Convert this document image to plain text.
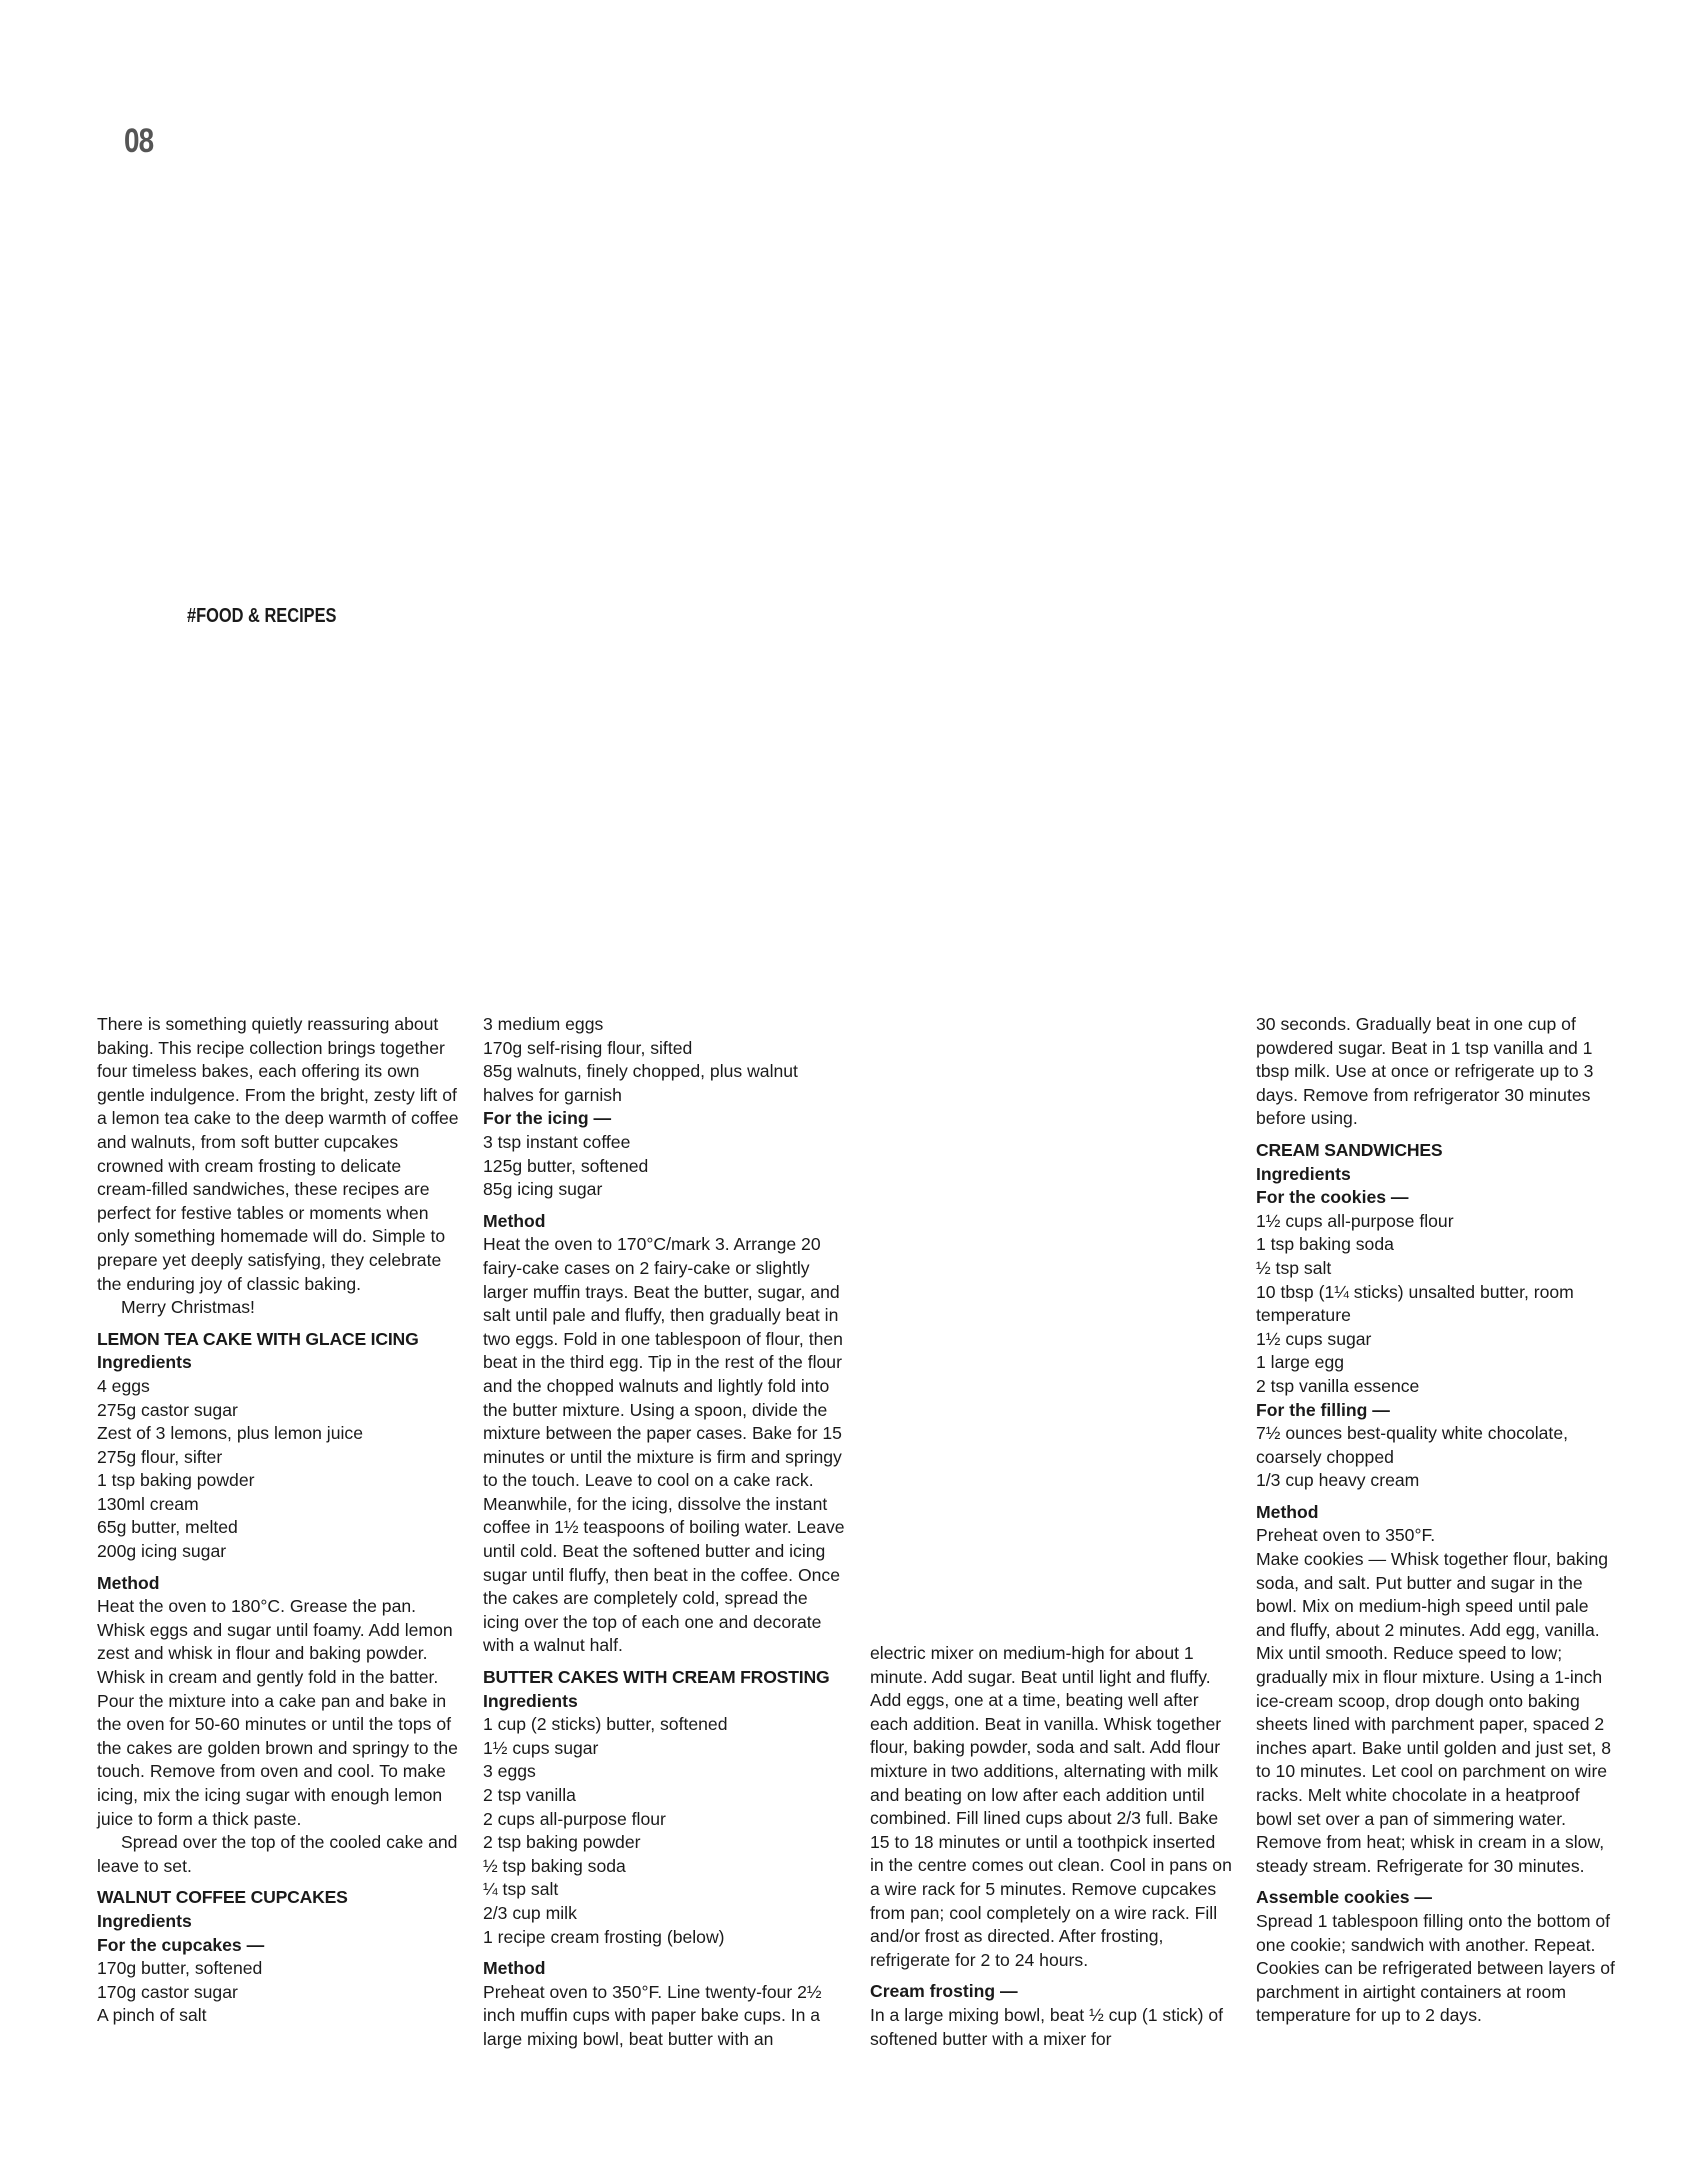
08
#FOOD & RECIPES

There is something quietly reassuring about baking. This recipe collection brings together four timeless bakes, each offering its own gentle indulgence. From the bright, zesty lift of a lemon tea cake to the deep warmth of coffee and walnuts, from soft butter cupcakes crowned with cream frosting to delicate cream-filled sandwiches, these recipes are perfect for festive tables or moments when only something homemade will do. Simple to prepare yet deeply satisfying, they celebrate the enduring joy of classic baking.

Merry Christmas!

LEMON TEA CAKE WITH GLACE ICING
Ingredients
4 eggs
275g castor sugar
Zest of 3 lemons, plus lemon juice
275g flour, sifter
1 tsp baking powder
130ml cream
65g butter, melted
200g icing sugar
Method

Heat the oven to 180°C. Grease the pan. Whisk eggs and sugar until foamy. Add lemon zest and whisk in flour and baking powder. Whisk in cream and gently fold in the batter. Pour the mixture into a cake pan and bake in the oven for 50-60 minutes or until the tops of the cakes are golden brown and springy to the touch. Remove from oven and cool. To make icing, mix the icing sugar with enough lemon juice to form a thick paste.

Spread over the top of the cooled cake and leave to set.

WALNUT COFFEE CUPCAKES
Ingredients
For the cupcakes —
170g butter, softened
170g castor sugar
A pinch of salt
3 medium eggs
170g self-rising flour, sifted
85g walnuts, finely chopped, plus walnut
halves for garnish
For the icing —
3 tsp instant coffee
125g butter, softened
85g icing sugar
Method

Heat the oven to 170°C/mark 3. Arrange 20 fairy-cake cases on 2 fairy-cake or slightly larger muffin trays. Beat the butter, sugar, and salt until pale and fluffy, then gradually beat in two eggs. Fold in one tablespoon of flour, then beat in the third egg. Tip in the rest of the flour and the chopped walnuts and lightly fold into the butter mixture. Using a spoon, divide the mixture between the paper cases. Bake for 15 minutes or until the mixture is firm and springy to the touch. Leave to cool on a cake rack. Meanwhile, for the icing, dissolve the instant coffee in 1½ teaspoons of boiling water. Leave until cold. Beat the softened butter and icing sugar until fluffy, then beat in the coffee. Once the cakes are completely cold, spread the icing over the top of each one and decorate with a walnut half.

BUTTER CAKES WITH CREAM FROSTING
Ingredients
1 cup (2 sticks) butter, softened
1½ cups sugar
3 eggs
2 tsp vanilla
2 cups all-purpose flour
2 tsp baking powder
½ tsp baking soda
¼ tsp salt
2/3 cup milk
1 recipe cream frosting (below)
Method

Preheat oven to 350°F. Line twenty-four 2½ inch muffin cups with paper bake cups. In a large mixing bowl, beat butter with an

electric mixer on medium-high for about 1 minute. Add sugar. Beat until light and fluffy. Add eggs, one at a time, beating well after each addition. Beat in vanilla. Whisk together flour, baking powder, soda and salt. Add flour mixture in two additions, alternating with milk and beating on low after each addition until combined. Fill lined cups about 2/3 full. Bake 15 to 18 minutes or until a toothpick inserted in the centre comes out clean. Cool in pans on a wire rack for 5 minutes. Remove cupcakes from pan; cool completely on a wire rack. Fill and/or frost as directed. After frosting, refrigerate for 2 to 24 hours.

Cream frosting —

In a large mixing bowl, beat ½ cup (1 stick) of softened butter with a mixer for

30 seconds. Gradually beat in one cup of powdered sugar. Beat in 1 tsp vanilla and 1 tbsp milk. Use at once or refrigerate up to 3 days. Remove from refrigerator 30 minutes before using.

CREAM SANDWICHES
Ingredients
For the cookies —
1½ cups all-purpose flour
1 tsp baking soda
½ tsp salt
10 tbsp (1¼ sticks) unsalted butter, room
temperature
1½ cups sugar
1 large egg
2 tsp vanilla essence
For the filling —
7½ ounces best-quality white chocolate,
coarsely chopped
1/3 cup heavy cream
Method

Preheat oven to 350°F.

Make cookies — Whisk together flour, baking soda, and salt. Put butter and sugar in the bowl. Mix on medium-high speed until pale and fluffy, about 2 minutes. Add egg, vanilla. Mix until smooth. Reduce speed to low; gradually mix in flour mixture. Using a 1-inch ice-cream scoop, drop dough onto baking sheets lined with parchment paper, spaced 2 inches apart. Bake until golden and just set, 8 to 10 minutes. Let cool on parchment on wire racks. Melt white chocolate in a heatproof bowl set over a pan of simmering water. Remove from heat; whisk in cream in a slow, steady stream. Refrigerate for 30 minutes.

Assemble cookies —

Spread 1 tablespoon filling onto the bottom of one cookie; sandwich with another. Repeat. Cookies can be refrigerated between layers of parchment in airtight containers at room temperature for up to 2 days.
